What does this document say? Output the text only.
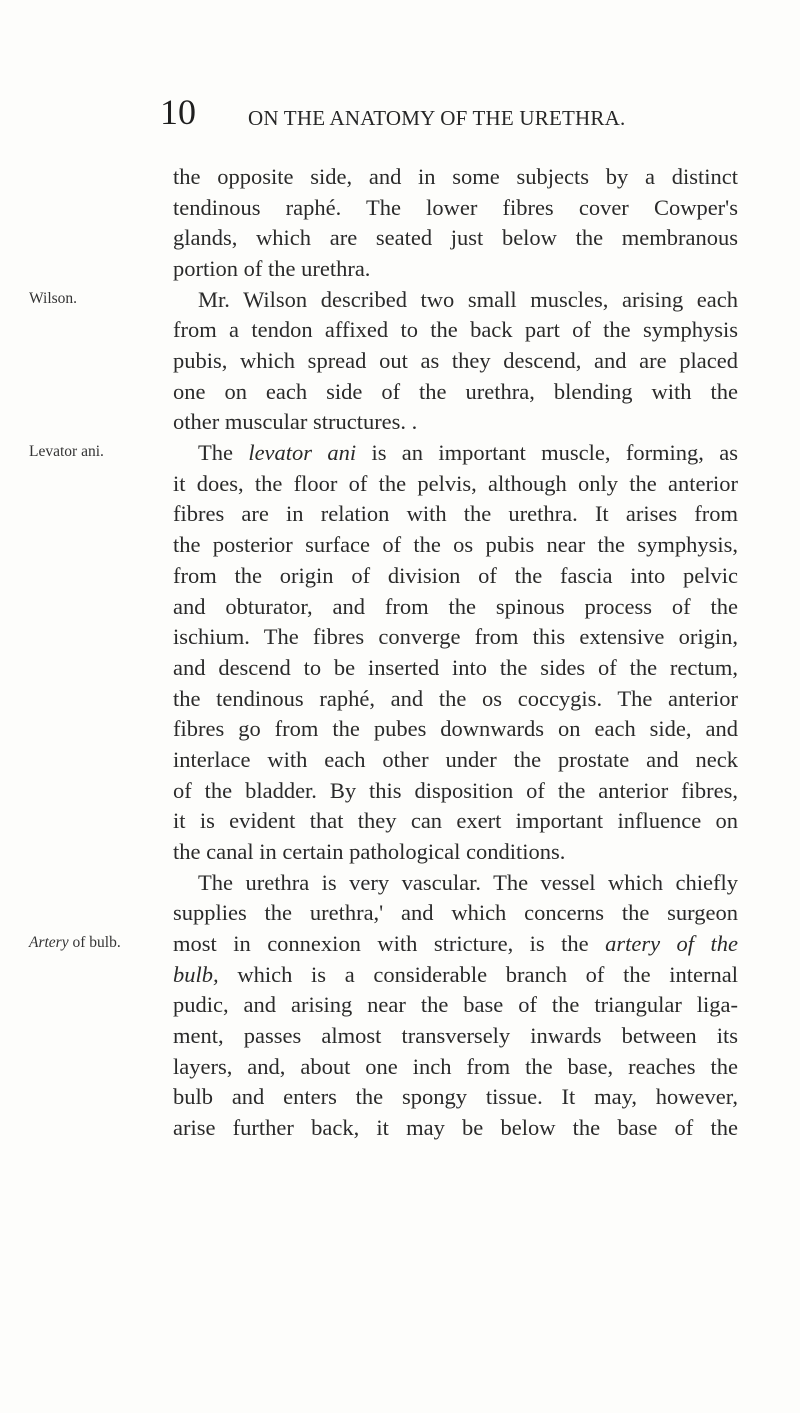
10 ON THE ANATOMY OF THE URETHRA.
Wilson.
Levator ani.
Artery of bulb.
the opposite side, and in some subjects by a distinct
tendinous raphé. The lower fibres cover Cowper's
glands, which are seated just below the membranous
portion of the urethra.
Mr. Wilson described two small muscles, arising each
from a tendon affixed to the back part of the symphysis
pubis, which spread out as they descend, and are placed
one on each side of the urethra, blending with the
other muscular structures. .
The levator ani is an important muscle, forming, as
it does, the floor of the pelvis, although only the anterior
fibres are in relation with the urethra. It arises from
the posterior surface of the os pubis near the symphysis,
from the origin of division of the fascia into pelvic
and obturator, and from the spinous process of the
ischium. The fibres converge from this extensive origin,
and descend to be inserted into the sides of the rectum,
the tendinous raphé, and the os coccygis. The anterior
fibres go from the pubes downwards on each side, and
interlace with each other under the prostate and neck
of the bladder. By this disposition of the anterior fibres,
it is evident that they can exert important influence on
the canal in certain pathological conditions.
The urethra is very vascular. The vessel which chiefly
supplies the urethra,' and which concerns the surgeon
most in connexion with stricture, is the artery of the
bulb, which is a considerable branch of the internal
pudic, and arising near the base of the triangular liga-
ment, passes almost transversely inwards between its
layers, and, about one inch from the base, reaches the
bulb and enters the spongy tissue. It may, however,
arise further back, it may be below the base of the
